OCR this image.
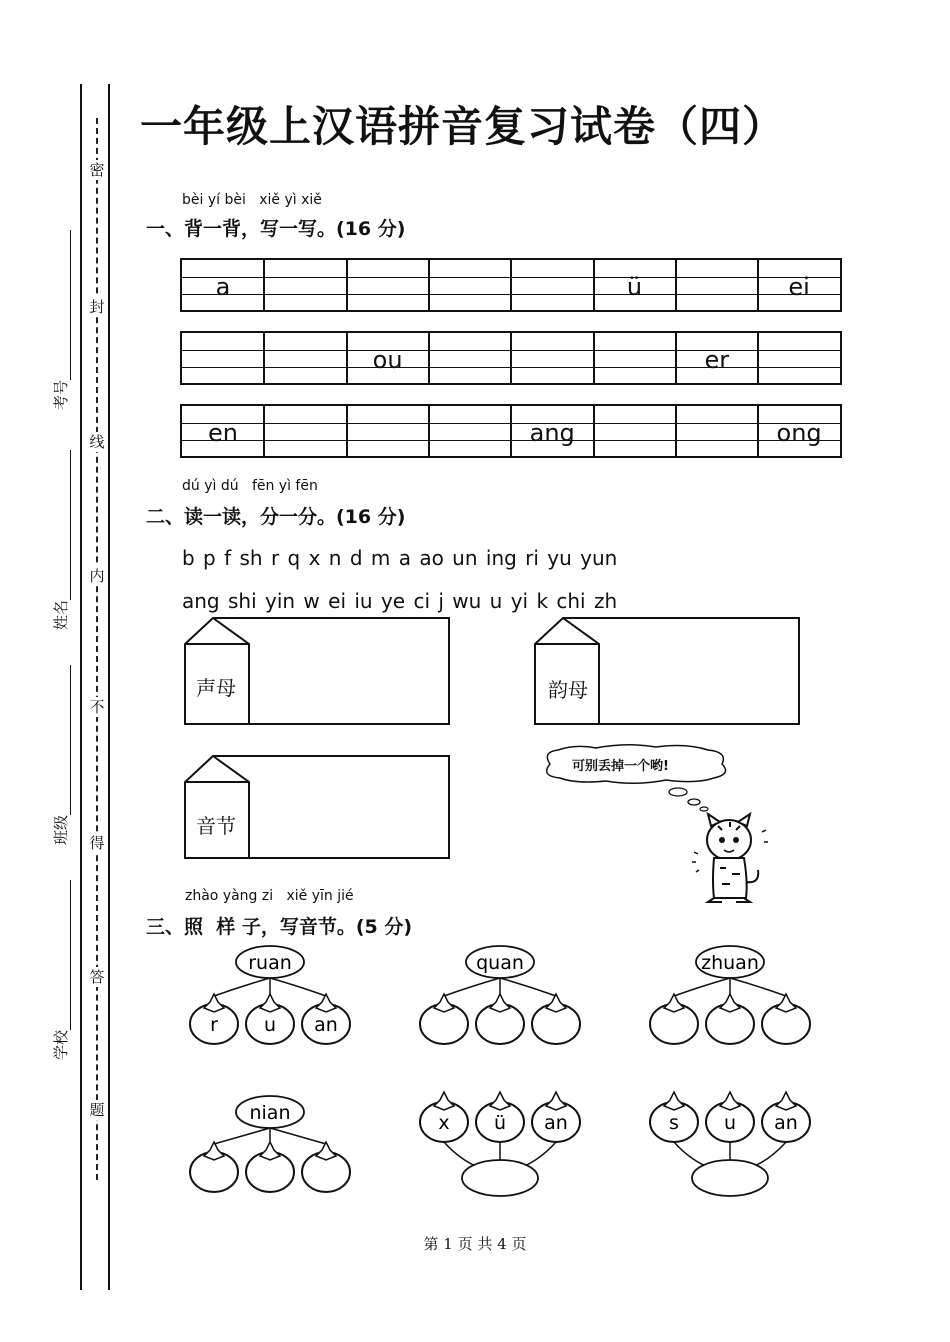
密
封
线
内
不
得
答
题
考号
姓名
班级
学校
一年级上汉语拼音复习试卷（四）
bèi yí bèi   xiě yì xiě
一、背一背，写一写。(16 分)
a	ü	ei
ou	er
en	ang	ong
dú yì dú   fēn yì fēn
二、读一读，分一分。(16 分)
b p f sh r q x n d m a ao un ing ri yu yun
ang shi yin w ei iu ye ci j wu u yi k chi zh
声母	韵母
音节
可别丢掉一个哟!
zhào yàng zi   xiě yīn jié
三、照  样 子，写音节。(5 分)
ruan
r u an
quan	zhuan
nian	x ü an	s u an
第 1 页 共 4 页
